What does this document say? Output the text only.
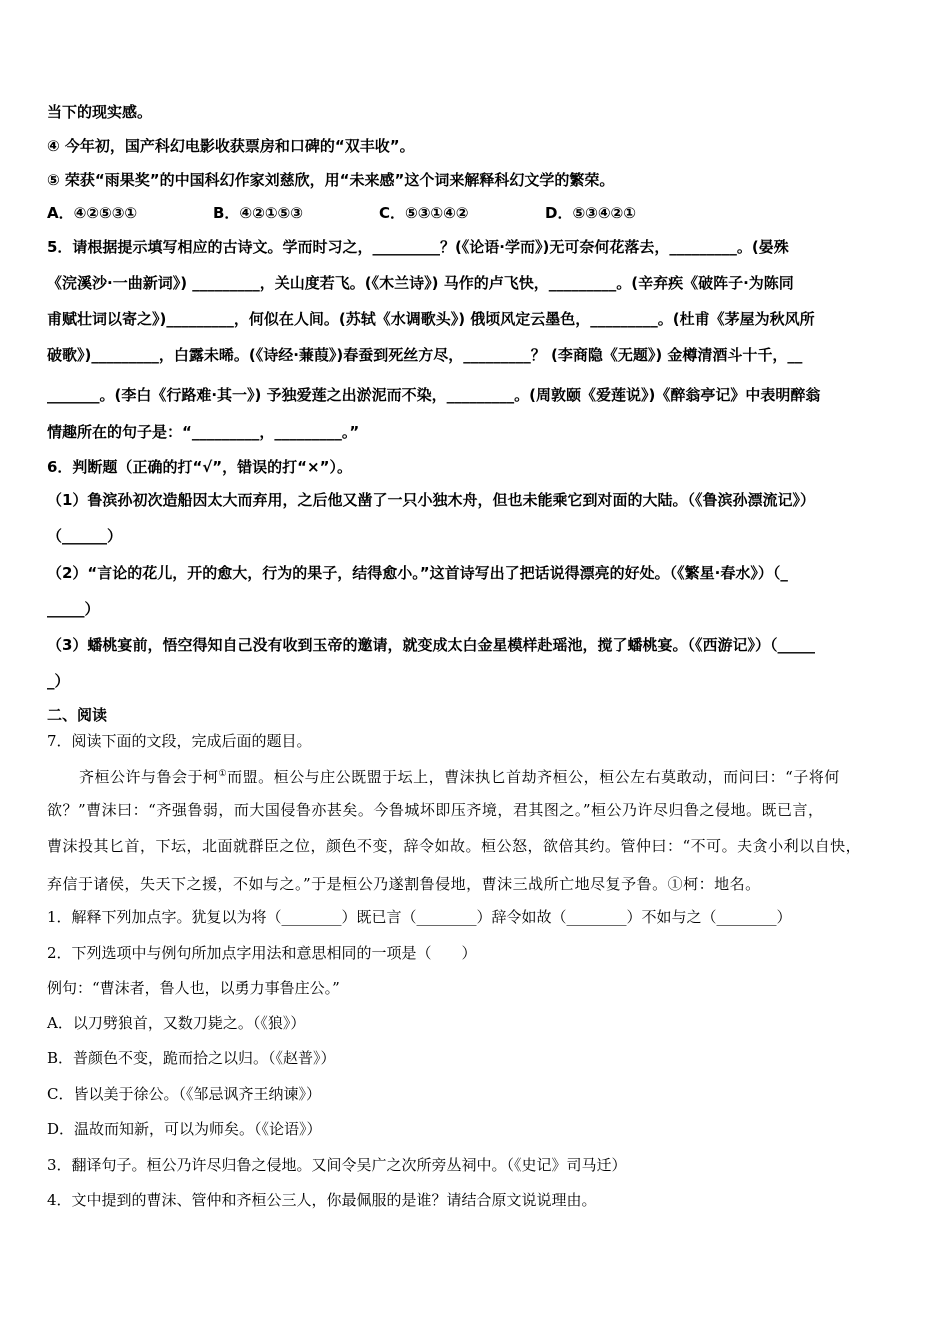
当下的现实感。
④ 今年初，国产科幻电影收获票房和口碑的“双丰收”。
⑤ 荣获“雨果奖”的中国科幻作家刘慈欣，用“未来感”这个词来解释科幻文学的繁荣。
A．④②⑤③①	B．④②①⑤③	C．⑤③①④②	D．⑤③④②①
5．请根据提示填写相应的古诗文。学而时习之，_________？(《论语·学而》)无可奈何花落去，_________。(晏殊
《浣溪沙·一曲新词》) _________，关山度若飞。(《木兰诗》) 马作的卢飞快，_________。(辛弃疾《破阵子·为陈同
甫赋壮词以寄之》)_________，何似在人间。(苏轼《水调歌头》) 俄顷风定云墨色，_________。(杜甫《茅屋为秋风所
破歌》)_________，白露未晞。(《诗经·蒹葭》)春蚕到死丝方尽，_________？ (李商隐《无题》) 金樽清酒斗十千，__
_______。(李白《行路难·其一》) 予独爱莲之出淤泥而不染，_________。(周敦颐《爱莲说》)《醉翁亭记》中表明醉翁
情趣所在的句子是：“_________，_________。”
6．判断题（正确的打“√”，错误的打“×”）。
（1）鲁滨孙初次造船因太大而弃用，之后他又凿了一只小独木舟，但也未能乘它到对面的大陆。（《鲁滨孙漂流记》）
（______）
（2）“言论的花儿，开的愈大，行为的果子，结得愈小。”这首诗写出了把话说得漂亮的好处。（《繁星·春水》）（_
_____）
（3）蟠桃宴前，悟空得知自己没有收到玉帝的邀请，就变成太白金星模样赴瑶池，搅了蟠桃宴。（《西游记》）（_____
_）
二、阅读
7．阅读下面的文段，完成后面的题目。
齐桓公许与鲁会于柯①而盟。桓公与庄公既盟于坛上，曹沫执匕首劫齐桓公，桓公左右莫敢动，而问曰：“子将何
欲？”曹沫曰：“齐强鲁弱，而大国侵鲁亦甚矣。今鲁城坏即压齐境，君其图之。”桓公乃许尽归鲁之侵地。既已言，
曹沫投其匕首，下坛，北面就群臣之位，颜色不变，辞令如故。桓公怒，欲倍其约。管仲曰：“不可。夫贪小利以自快，
弃信于诸侯，失天下之援，不如与之。”于是桓公乃遂割鲁侵地，曹沫三战所亡地尽复予鲁。①柯：地名。
1．解释下列加点字。犹复以为将（________）既已言（________）辞令如故（________）不如与之（________）
2．下列选项中与例句所加点字用法和意思相同的一项是（　　）
例句：“曹沫者，鲁人也，以勇力事鲁庄公。”
A．以刀劈狼首，又数刀毙之。（《狼》）
B．普颜色不变，跪而拾之以归。（《赵普》）
C．皆以美于徐公。（《邹忌讽齐王纳谏》）
D．温故而知新，可以为师矣。（《论语》）
3．翻译句子。桓公乃许尽归鲁之侵地。又间令吴广之次所旁丛祠中。（《史记》司马迁）
4．文中提到的曹沫、管仲和齐桓公三人，你最佩服的是谁？请结合原文说说理由。
